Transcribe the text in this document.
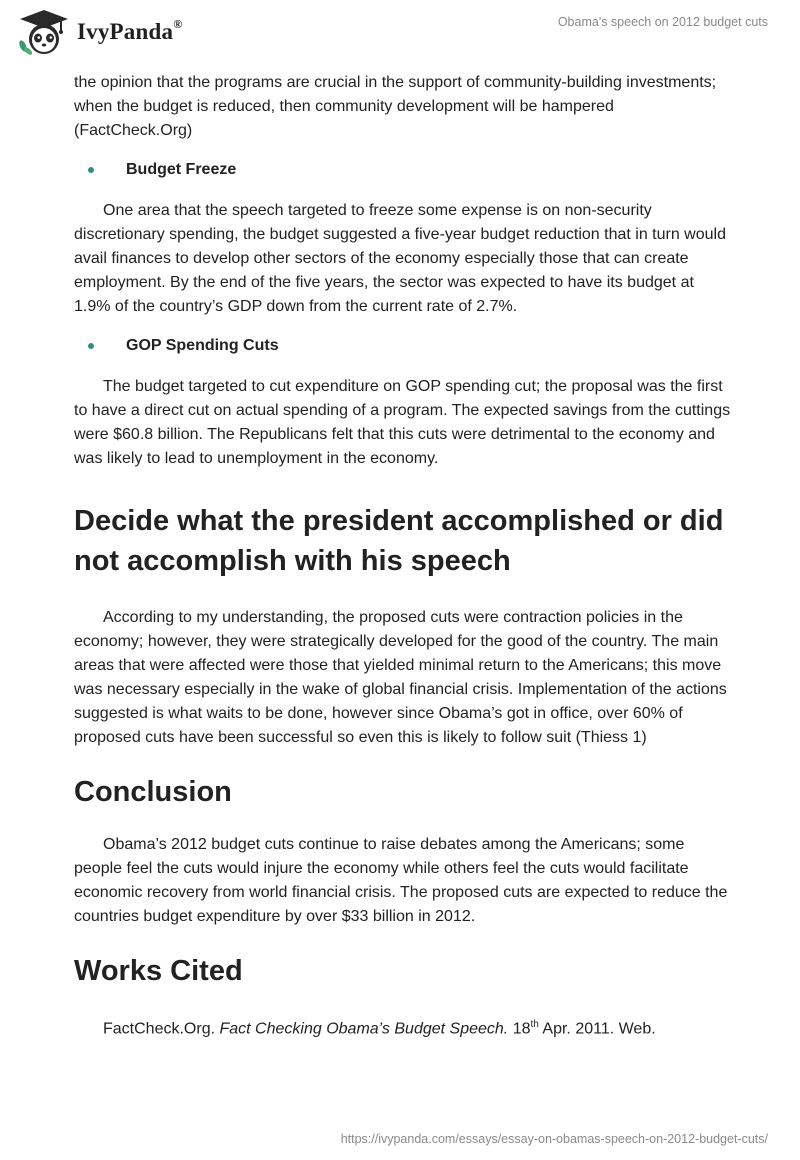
IvyPanda®	Obama's speech on 2012 budget cuts

the opinion that the programs are crucial in the support of community-building investments; when the budget is reduced, then community development will be hampered (FactCheck.Org)

Budget Freeze

One area that the speech targeted to freeze some expense is on non-security discretionary spending, the budget suggested a five-year budget reduction that in turn would avail finances to develop other sectors of the economy especially those that can create employment. By the end of the five years, the sector was expected to have its budget at 1.9% of the country’s GDP down from the current rate of 2.7%.

GOP Spending Cuts

The budget targeted to cut expenditure on GOP spending cut; the proposal was the first to have a direct cut on actual spending of a program. The expected savings from the cuttings were $60.8 billion. The Republicans felt that this cuts were detrimental to the economy and was likely to lead to unemployment in the economy.

Decide what the president accomplished or did not accomplish with his speech

According to my understanding, the proposed cuts were contraction policies in the economy; however, they were strategically developed for the good of the country. The main areas that were affected were those that yielded minimal return to the Americans; this move was necessary especially in the wake of global financial crisis. Implementation of the actions suggested is what waits to be done, however since Obama’s got in office, over 60% of proposed cuts have been successful so even this is likely to follow suit (Thiess 1)

Conclusion

Obama’s 2012 budget cuts continue to raise debates among the Americans; some people feel the cuts would injure the economy while others feel the cuts would facilitate economic recovery from world financial crisis. The proposed cuts are expected to reduce the countries budget expenditure by over $33 billion in 2012.

Works Cited

FactCheck.Org. Fact Checking Obama’s Budget Speech. 18th Apr. 2011. Web.

https://ivypanda.com/essays/essay-on-obamas-speech-on-2012-budget-cuts/
